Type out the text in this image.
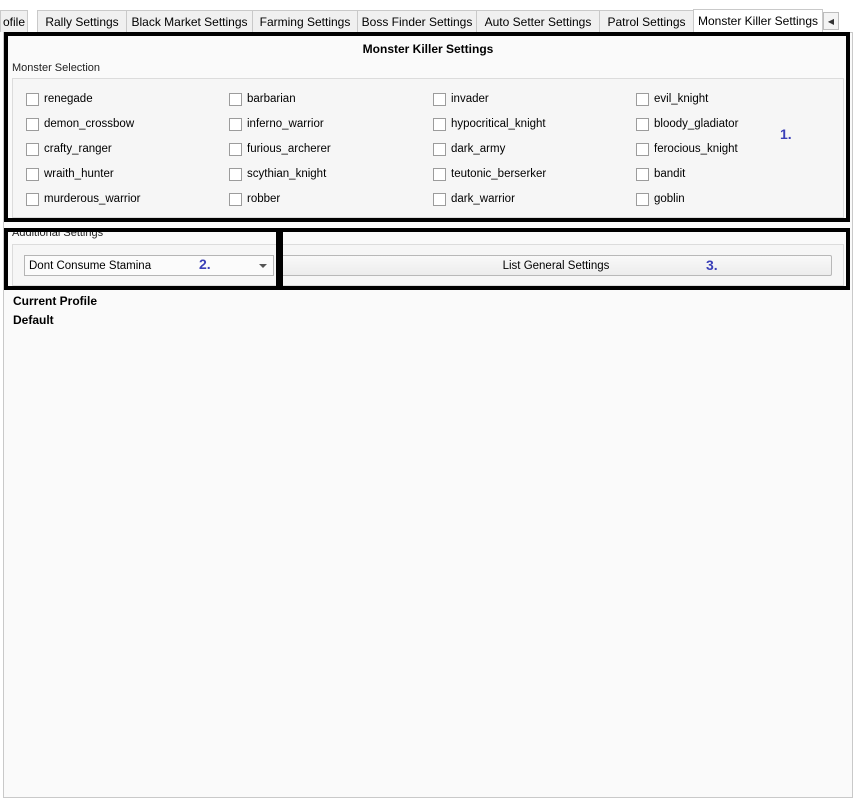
ofile	Rally Settings	Black Market Settings	Farming Settings Boss Finder Settings	Auto Setter Settings	Patrol Settings	Monster Killer Settings	◀
Monster Killer Settings
Monster Selection
renegade	barbarian	invader	evil_knight
demon_crossbow	inferno_warrior	hypocritical_knight	bloody_gladiator
crafty_ranger	furious_archerer	dark_army	ferocious_knight
wraith_hunter	scythian_knight	teutonic_berserker	bandit
murderous_warrior	robber	dark_warrior	goblin
Additional Settings
Dont Consume Stamina	List General Settings
Current Profile
Default
1.
2.	3.
